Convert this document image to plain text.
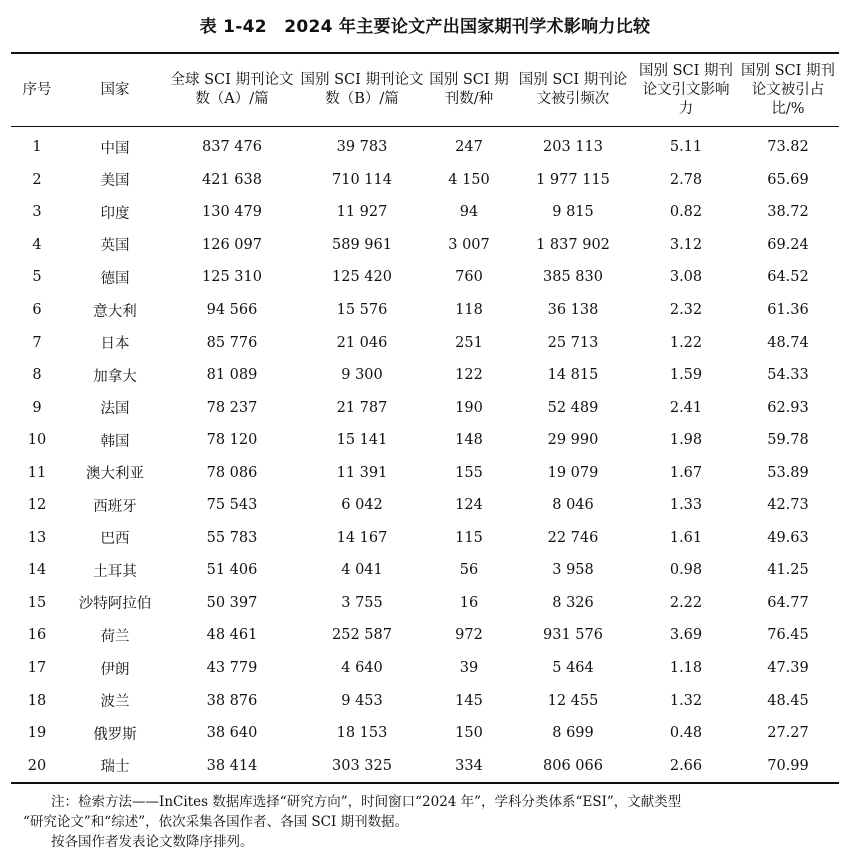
表 1-42　2024 年主要论文产出国家期刊学术影响力比较
序号	国家	全球 SCI 期刊论文数（A）/篇	国别 SCI 期刊论文数（B）/篇	国别 SCI 期刊数/种	国别 SCI 期刊论文被引频次	国别 SCI 期刊论文引文影响力	国别 SCI 期刊论文被引占比/%
1	中国	837 476	39 783	247	203 113	5.11	73.82
2	美国	421 638	710 114	4 150	1 977 115	2.78	65.69
3	印度	130 479	11 927	94	9 815	0.82	38.72
4	英国	126 097	589 961	3 007	1 837 902	3.12	69.24
5	德国	125 310	125 420	760	385 830	3.08	64.52
6	意大利	94 566	15 576	118	36 138	2.32	61.36
7	日本	85 776	21 046	251	25 713	1.22	48.74
8	加拿大	81 089	9 300	122	14 815	1.59	54.33
9	法国	78 237	21 787	190	52 489	2.41	62.93
10	韩国	78 120	15 141	148	29 990	1.98	59.78
11	澳大利亚	78 086	11 391	155	19 079	1.67	53.89
12	西班牙	75 543	6 042	124	8 046	1.33	42.73
13	巴西	55 783	14 167	115	22 746	1.61	49.63
14	土耳其	51 406	4 041	56	3 958	0.98	41.25
15	沙特阿拉伯	50 397	3 755	16	8 326	2.22	64.77
16	荷兰	48 461	252 587	972	931 576	3.69	76.45
17	伊朗	43 779	4 640	39	5 464	1.18	47.39
18	波兰	38 876	9 453	145	12 455	1.32	48.45
19	俄罗斯	38 640	18 153	150	8 699	0.48	27.27
20	瑞士	38 414	303 325	334	806 066	2.66	70.99

注：检索方法——InCites 数据库选择“研究方向”，时间窗口“2024 年”，学科分类体系“ESI”，文献类型

“研究论文”和“综述”，依次采集各国作者、各国 SCI 期刊数据。

按各国作者发表论文数降序排列。
